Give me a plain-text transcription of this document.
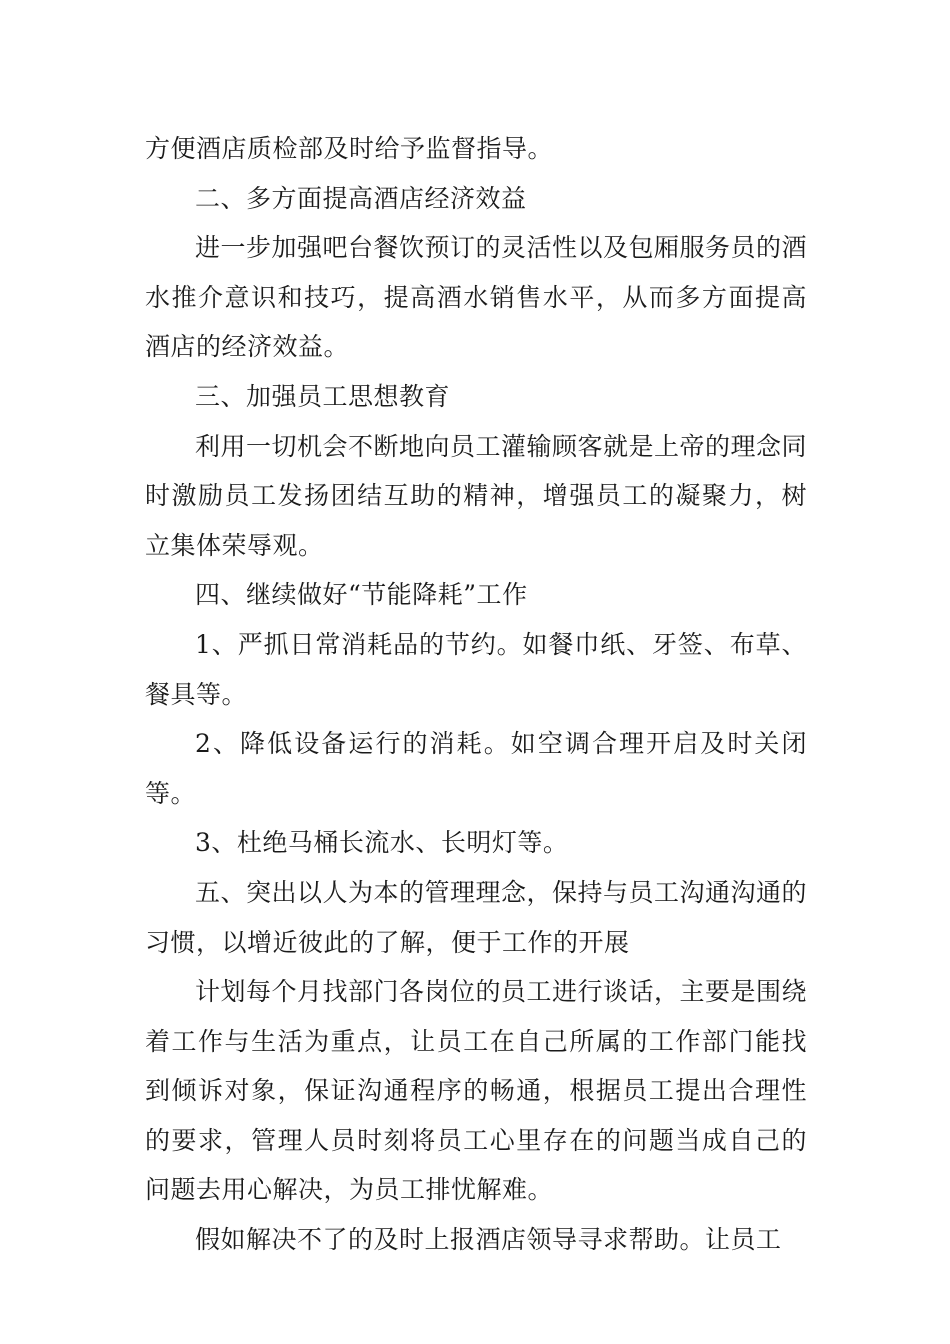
方便酒店质检部及时给予监督指导。

二、多方面提高酒店经济效益

进一步加强吧台餐饮预订的灵活性以及包厢服务员的酒水推介意识和技巧，提高酒水销售水平，从而多方面提高酒店的经济效益。

三、加强员工思想教育

利用一切机会不断地向员工灌输顾客就是上帝的理念同时激励员工发扬团结互助的精神，增强员工的凝聚力，树立集体荣辱观。

四、继续做好“节能降耗”工作

1、严抓日常消耗品的节约。如餐巾纸、牙签、布草、餐具等。

2、降低设备运行的消耗。如空调合理开启及时关闭等。

3、杜绝马桶长流水、长明灯等。

五、突出以人为本的管理理念，保持与员工沟通沟通的习惯，以增近彼此的了解，便于工作的开展

计划每个月找部门各岗位的员工进行谈话，主要是围绕着工作与生活为重点，让员工在自己所属的工作部门能找到倾诉对象，保证沟通程序的畅通，根据员工提出合理性的要求，管理人员时刻将员工心里存在的问题当成自己的问题去用心解决，为员工排忧解难。

假如解决不了的及时上报酒店领导寻求帮助。让员工
